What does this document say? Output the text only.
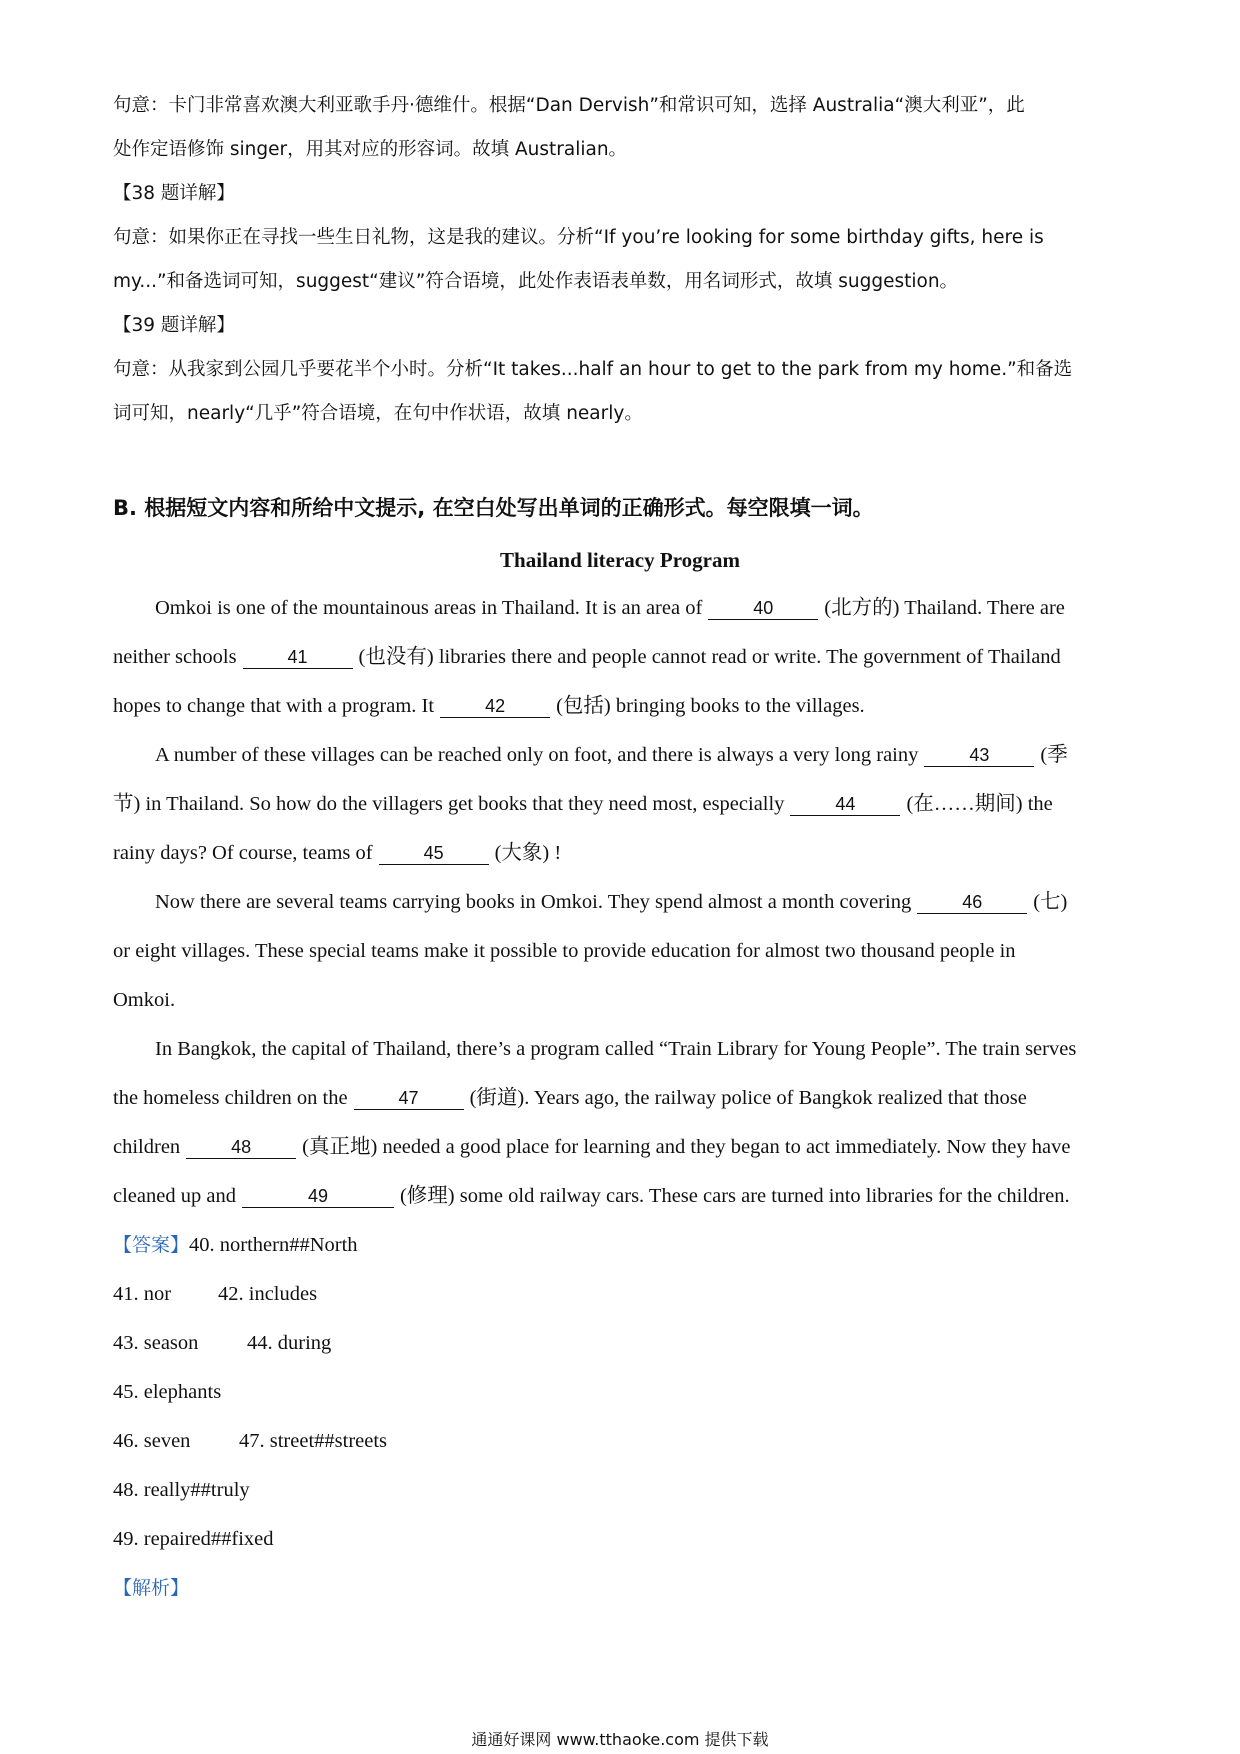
句意：卡门非常喜欢澳大利亚歌手丹·德维什。根据“Dan Dervish”和常识可知，选择 Australia“澳大利亚”，此
处作定语修饰 singer，用其对应的形容词。故填 Australian。
【38 题详解】
句意：如果你正在寻找一些生日礼物，这是我的建议。分析“If you’re looking for some birthday gifts, here is
my...”和备选词可知，suggest“建议”符合语境，此处作表语表单数，用名词形式，故填 suggestion。
【39 题详解】
句意：从我家到公园几乎要花半个小时。分析“It takes...half an hour to get to the park from my home.”和备选
词可知，nearly“几乎”符合语境，在句中作状语，故填 nearly。
B. 根据短文内容和所给中文提示, 在空白处写出单词的正确形式。每空限填一词。
Thailand literacy Program
Omkoi is one of the mountainous areas in Thailand. It is an area of	40 (北方的) Thailand. There are
neither schools	41 (也没有) libraries there and people cannot read or write. The government of Thailand
hopes to change that with a program. It	42 (包括) bringing books to the villages.
A number of these villages can be reached only on foot, and there is always a very long rainy	43 (季
节) in Thailand. So how do the villagers get books that they need most, especially	44 (在……期间) the
rainy days? Of course, teams of	45 (大象) !
Now there are several teams carrying books in Omkoi. They spend almost a month covering	46 (七)
or eight villages. These special teams make it possible to provide education for almost two thousand people in
Omkoi.
In Bangkok, the capital of Thailand, there’s a program called “Train Library for Young People”. The train serves
the homeless children on the	47 (街道). Years ago, the railway police of Bangkok realized that those
children	48 (真正地) needed a good place for learning and they began to act immediately. Now they have
cleaned up and	49	(修理) some old railway cars. These cars are turned into libraries for the children.
【答案】40. northern##North
41. nor 42. includes
43. season 44. during
45. elephants
46. seven 47. street##streets
48. really##truly
49. repaired##fixed
【解析】
通通好课网 www.tthaoke.com 提供下载
